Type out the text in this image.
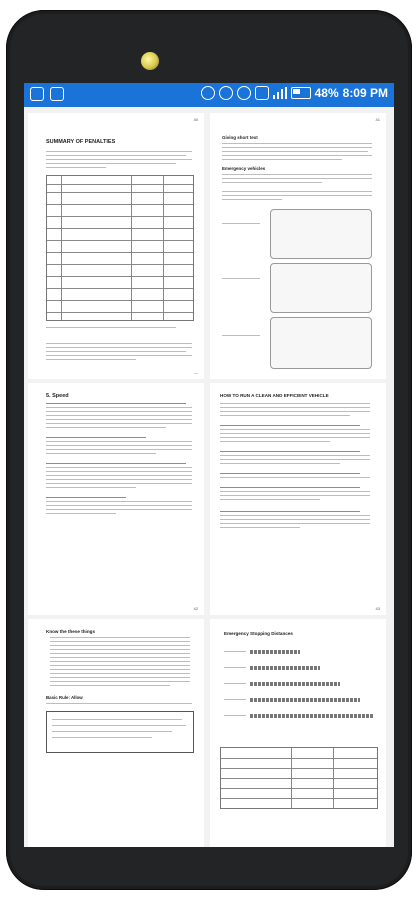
48% 8:09 PM
40
SUMMARY OF PENALTIES
—
41
Giving short text
Emergency vehicles
5. Speed
42
HOW TO RUN A CLEAN AND EFFICIENT VEHICLE
43
Know the these things
Basic Rule: Allow
Emergency Stopping Distances
